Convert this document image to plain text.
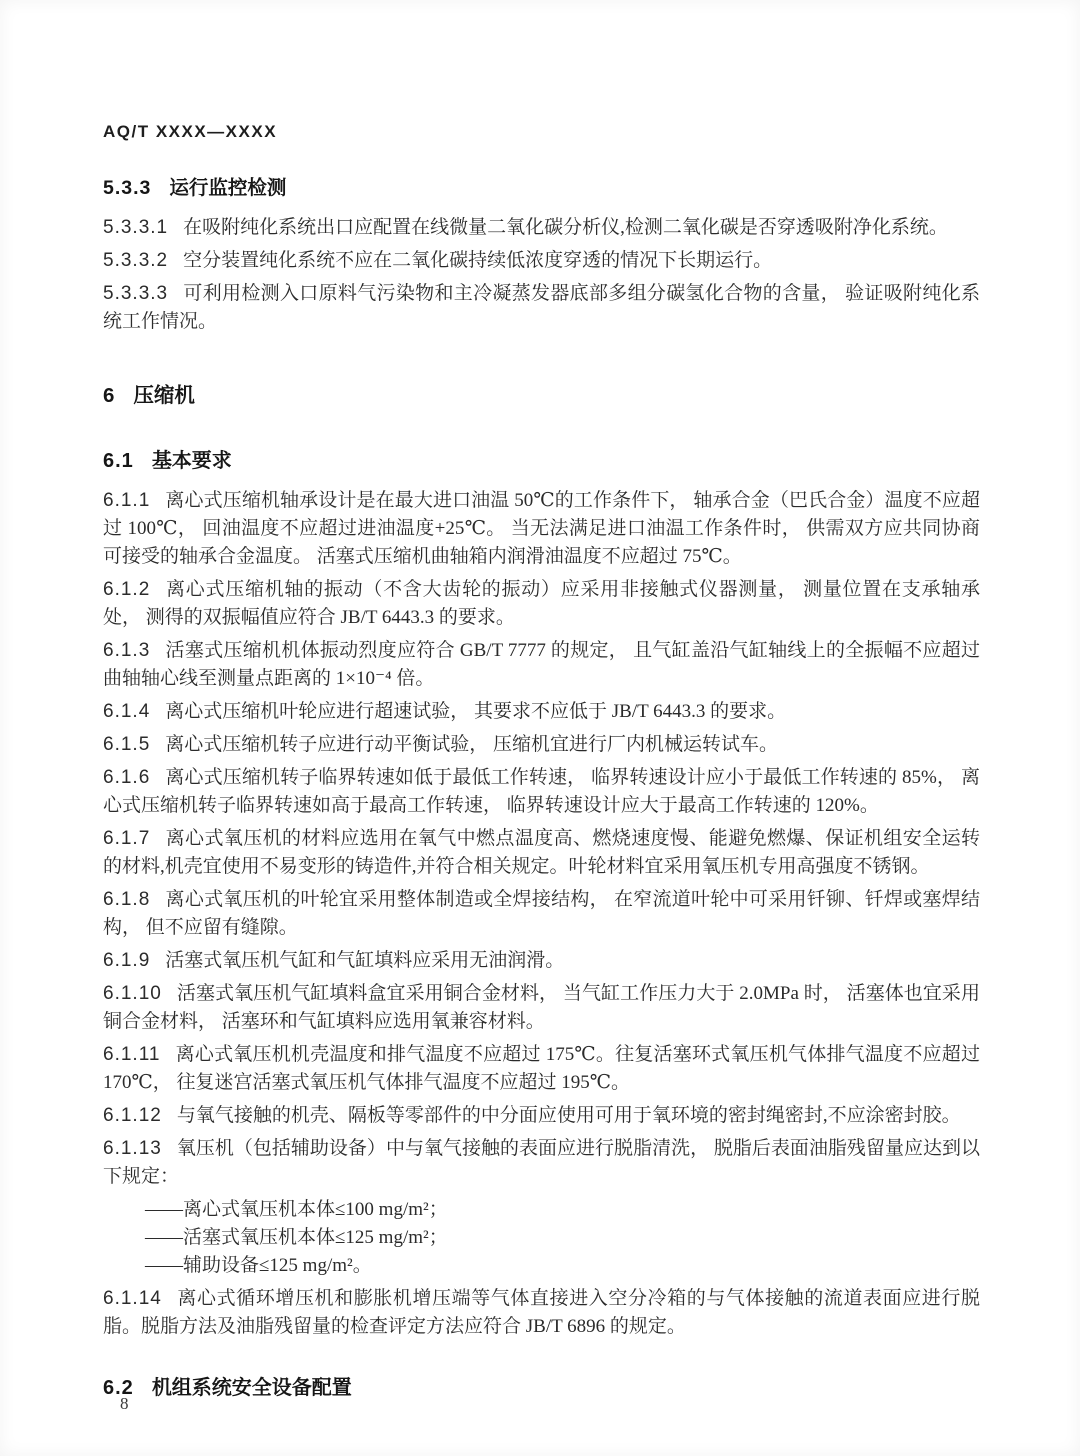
AQ/T XXXX—XXXX
5.3.3 运行监控检测

5.3.3.1 在吸附纯化系统出口应配置在线微量二氧化碳分析仪,检测二氧化碳是否穿透吸附净化系统。

5.3.3.2 空分装置纯化系统不应在二氧化碳持续低浓度穿透的情况下长期运行。

5.3.3.3 可利用检测入口原料气污染物和主冷凝蒸发器底部多组分碳氢化合物的含量， 验证吸附纯化系统工作情况。

6 压缩机
6.1 基本要求

6.1.1 离心式压缩机轴承设计是在最大进口油温 50℃的工作条件下， 轴承合金（巴氏合金）温度不应超过 100℃， 回油温度不应超过进油温度+25℃。 当无法满足进口油温工作条件时， 供需双方应共同协商可接受的轴承合金温度。 活塞式压缩机曲轴箱内润滑油温度不应超过 75℃。

6.1.2 离心式压缩机轴的振动（不含大齿轮的振动）应采用非接触式仪器测量， 测量位置在支承轴承处， 测得的双振幅值应符合 JB/T 6443.3 的要求。

6.1.3 活塞式压缩机机体振动烈度应符合 GB/T 7777 的规定， 且气缸盖沿气缸轴线上的全振幅不应超过曲轴轴心线至测量点距离的 1×10⁻⁴ 倍。

6.1.4 离心式压缩机叶轮应进行超速试验， 其要求不应低于 JB/T 6443.3 的要求。

6.1.5 离心式压缩机转子应进行动平衡试验， 压缩机宜进行厂内机械运转试车。

6.1.6 离心式压缩机转子临界转速如低于最低工作转速， 临界转速设计应小于最低工作转速的 85%， 离心式压缩机转子临界转速如高于最高工作转速， 临界转速设计应大于最高工作转速的 120%。

6.1.7 离心式氧压机的材料应选用在氧气中燃点温度高、燃烧速度慢、能避免燃爆、保证机组安全运转的材料,机壳宜使用不易变形的铸造件,并符合相关规定。叶轮材料宜采用氧压机专用高强度不锈钢。

6.1.8 离心式氧压机的叶轮宜采用整体制造或全焊接结构， 在窄流道叶轮中可采用钎铆、钎焊或塞焊结构， 但不应留有缝隙。

6.1.9 活塞式氧压机气缸和气缸填料应采用无油润滑。

6.1.10 活塞式氧压机气缸填料盒宜采用铜合金材料， 当气缸工作压力大于 2.0MPa 时， 活塞体也宜采用铜合金材料， 活塞环和气缸填料应选用氧兼容材料。

6.1.11 离心式氧压机机壳温度和排气温度不应超过 175℃。往复活塞环式氧压机气体排气温度不应超过 170℃， 往复迷宫活塞式氧压机气体排气温度不应超过 195℃。

6.1.12 与氧气接触的机壳、隔板等零部件的中分面应使用可用于氧环境的密封绳密封,不应涂密封胶。

6.1.13 氧压机（包括辅助设备）中与氧气接触的表面应进行脱脂清洗， 脱脂后表面油脂残留量应达到以下规定：

——离心式氧压机本体≤100 mg/m²；

——活塞式氧压机本体≤125 mg/m²；

——辅助设备≤125 mg/m²。

6.1.14 离心式循环增压机和膨胀机增压端等气体直接进入空分冷箱的与气体接触的流道表面应进行脱脂。脱脂方法及油脂残留量的检查评定方法应符合 JB/T 6896 的规定。

6.2 机组系统安全设备配置
8
